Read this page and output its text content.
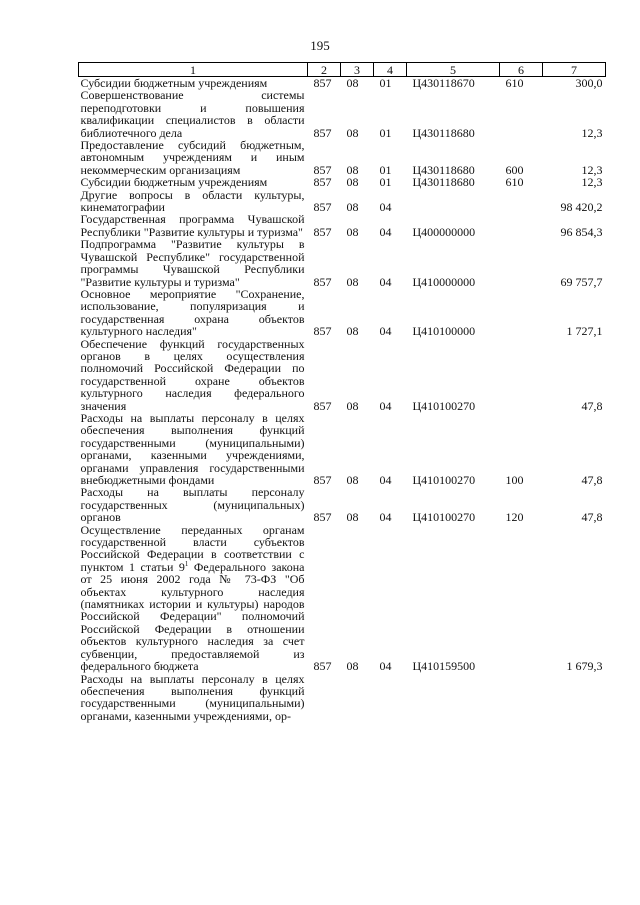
195
1	2	3	4	5	6	7
Субсидии бюджетным учреждениям	857	08	01	Ц430118670	610	300,0
Совершенствование системы переподготовки и повышения квалификации специалистов в области библиотечного дела	857	08	01	Ц430118680		12,3
Предоставление субсидий бюджетным, автономным учреждениям и иным некоммерческим организациям	857	08	01	Ц430118680	600	12,3
Субсидии бюджетным учреждениям	857	08	01	Ц430118680	610	12,3
Другие вопросы в области культуры, кинематографии	857	08	04			98 420,2
Государственная программа Чувашской Республики "Развитие культуры и туризма"	857	08	04	Ц400000000		96 854,3
Подпрограмма "Развитие культуры в Чувашской Республике" государственной программы Чувашской Республики "Развитие культуры и туризма"	857	08	04	Ц410000000		69 757,7
Основное мероприятие "Сохранение, использование, популяризация и государственная охрана объектов культурного наследия"	857	08	04	Ц410100000		1 727,1
Обеспечение функций государственных органов в целях осуществления полномочий Российской Федерации по государственной охране объектов культурного наследия федерального значения	857	08	04	Ц410100270		47,8
Расходы на выплаты персоналу в целях обеспечения выполнения функций государственными (муниципальными) органами, казенными учреждениями, органами управления государственными внебюджетными фондами	857	08	04	Ц410100270	100	47,8
Расходы на выплаты персоналу государственных (муниципальных) органов	857	08	04	Ц410100270	120	47,8
Осуществление переданных органам государственной власти субъектов Российской Федерации в соответствии с пунктом 1 статьи $9^1$ Федерального закона от 25 июня 2002 года № 73-ФЗ "Об объектах культурного наследия (памятниках истории и культуры) народов Российской Федерации" полномочий Российской Федерации в отношении объектов культурного наследия за счет субвенции, предоставляемой из федерального бюджета	857	08	04	Ц410159500		1 679,3
Расходы на выплаты персоналу в целях обеспечения выполнения функций государственными (муниципальными) органами, казенными учреждениями, ор-						
